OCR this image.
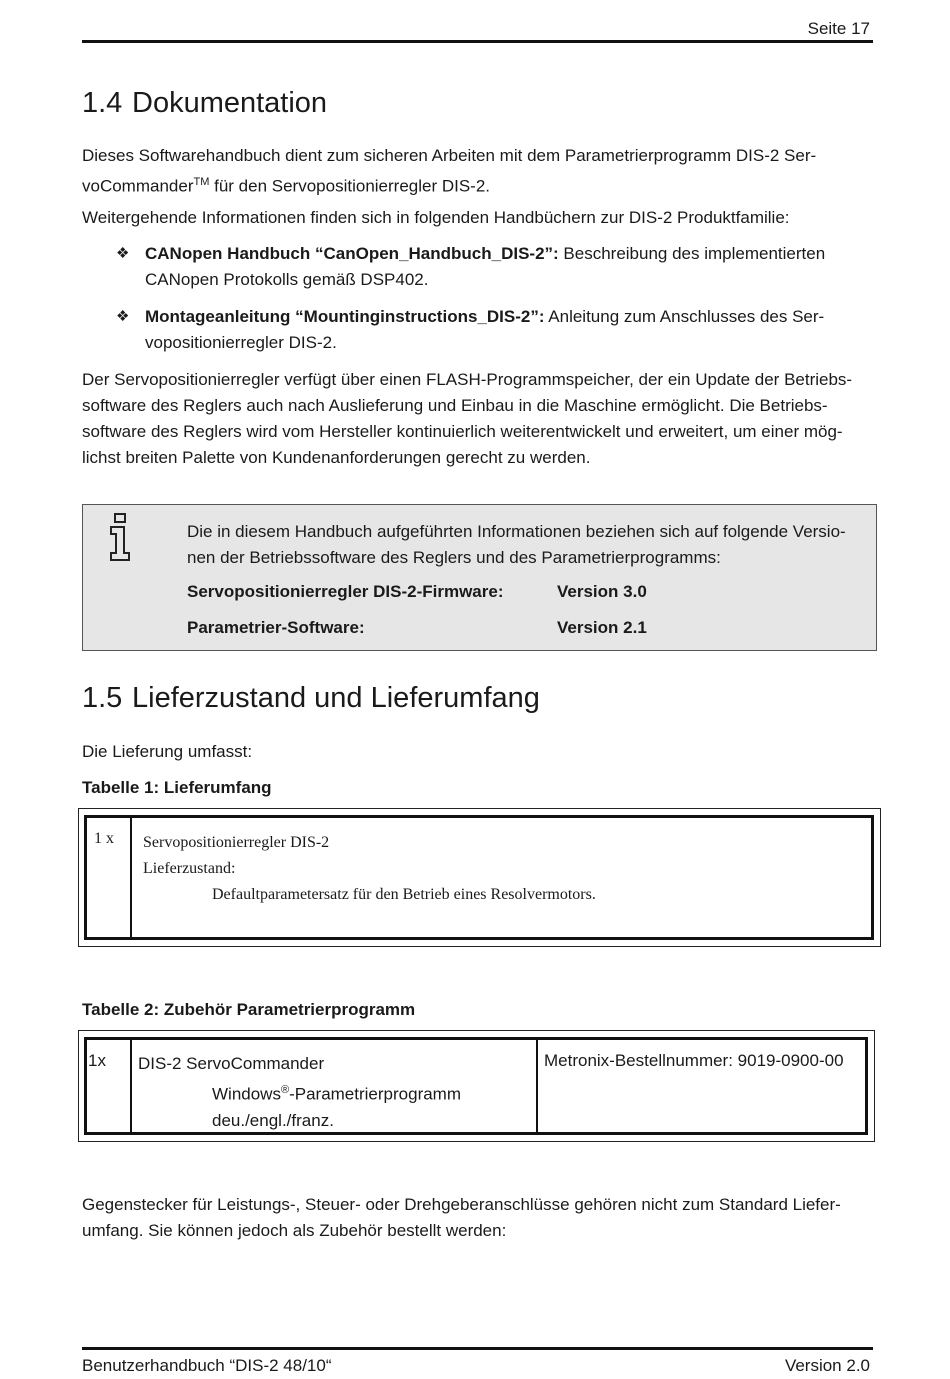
Seite 17
1.4 Dokumentation
Dieses Softwarehandbuch dient zum sicheren Arbeiten mit dem Parametrierprogramm DIS-2 Ser-
voCommander™ für den Servopositionierregler DIS-2.
Weitergehende Informationen finden sich in folgenden Handbüchern zur DIS-2 Produktfamilie:
❖ CANopen Handbuch “CanOpen_Handbuch_DIS-2”: Beschreibung des implementierten
CANopen Protokolls gemäß DSP402.
❖ Montageanleitung “Mountinginstructions_DIS-2”: Anleitung zum Anschlusses des Ser-
vopositionierregler DIS-2.
Der Servopositionierregler verfügt über einen FLASH-Programmspeicher, der ein Update der Betriebs-
software des Reglers auch nach Auslieferung und Einbau in die Maschine ermöglicht. Die Betriebs-
software des Reglers wird vom Hersteller kontinuierlich weiterentwickelt und erweitert, um einer mög-
lichst breiten Palette von Kundenanforderungen gerecht zu werden.
Die in diesem Handbuch aufgeführten Informationen beziehen sich auf folgende Versio-
nen der Betriebssoftware des Reglers und des Parametrierprogramms:
Servopositionierregler DIS-2-Firmware:	Version 3.0
Parametrier-Software:	Version 2.1
1.5 Lieferzustand und Lieferumfang
Die Lieferung umfasst:
Tabelle 1: Lieferumfang
1 x Servopositionierregler DIS-2
Lieferzustand:
Defaultparametersatz für den Betrieb eines Resolvermotors.
Tabelle 2: Zubehör Parametrierprogramm
1x DIS-2 ServoCommander
Windows®-Parametrierprogramm
deu./engl./franz.
Metronix-Bestellnummer: 9019-0900-00
Gegenstecker für Leistungs-, Steuer- oder Drehgeberanschlüsse gehören nicht zum Standard Liefer-
umfang. Sie können jedoch als Zubehör bestellt werden:
Benutzerhandbuch “DIS-2 48/10“	Version 2.0
